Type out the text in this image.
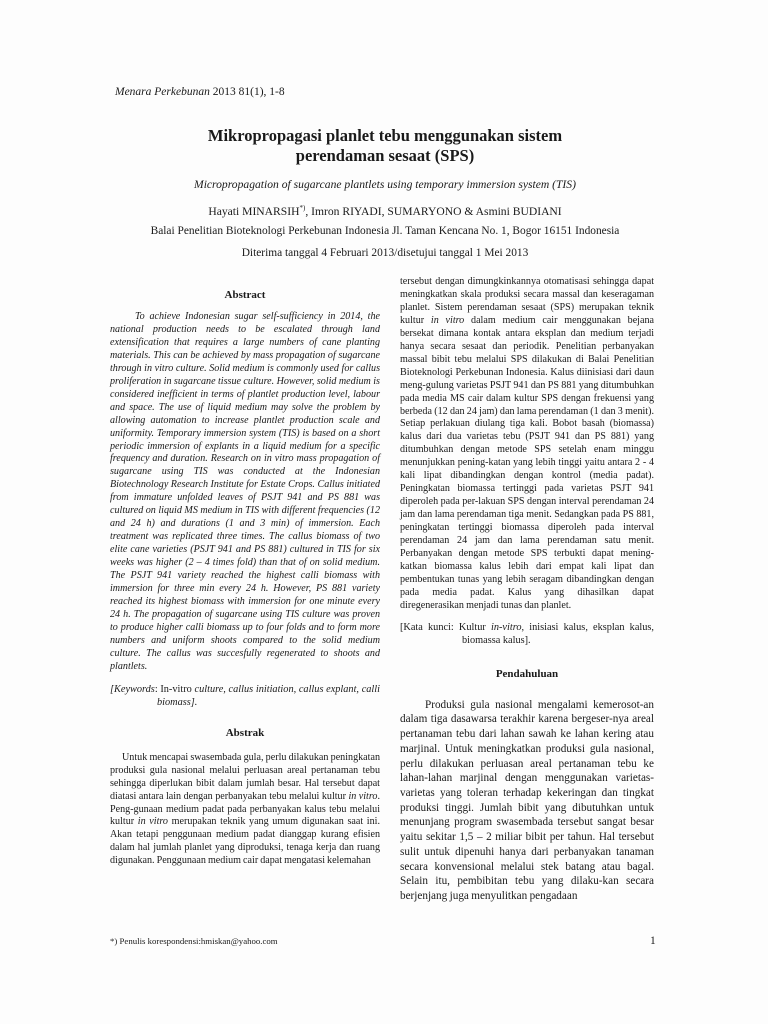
Menara Perkebunan 2013 81(1), 1-8
Mikropropagasi planlet tebu menggunakan sistem
perendaman sesaat (SPS)
Micropropagation of sugarcane plantlets using temporary immersion system (TIS)
Hayati MINARSIH*), Imron RIYADI, SUMARYONO & Asmini BUDIANI
Balai Penelitian Bioteknologi Perkebunan Indonesia Jl. Taman Kencana No. 1, Bogor 16151 Indonesia
Diterima tanggal 4 Februari 2013/disetujui tanggal 1 Mei 2013
Abstract

To achieve Indonesian sugar self-sufficiency in 2014, the national production needs to be escalated through land extensification that requires a large numbers of cane planting materials. This can be achieved by mass propagation of sugarcane through in vitro culture. Solid medium is commonly used for callus proliferation in sugarcane tissue culture. However, solid medium is considered inefficient in terms of plantlet production level, labour and space. The use of liquid medium may solve the problem by allowing automation to increase plantlet production scale and uniformity. Temporary immersion system (TIS) is based on a short periodic immersion of explants in a liquid medium for a specific frequency and duration. Research on in vitro mass propagation of sugarcane using TIS was conducted at the Indonesian Biotechnology Research Institute for Estate Crops. Callus initiated from immature unfolded leaves of PSJT 941 and PS 881 was cultured on liquid MS medium in TIS with different frequencies (12 and 24 h) and durations (1 and 3 min) of immersion. Each treatment was replicated three times. The callus biomass of two elite cane varieties (PSJT 941 and PS 881) cultured in TIS for six weeks was higher (2 – 4 times fold) than that of on solid medium. The PSJT 941 variety reached the highest calli biomass with immersion for three min every 24 h. However, PS 881 variety reached its highest biomass with immersion for one minute every 24 h. The propagation of sugarcane using TIS culture was proven to produce higher calli biomass up to four folds and to form more numbers and uniform shoots compared to the solid medium culture. The callus was succesfully regenerated to shoots and plantlets.

[Keywords: In-vitro culture, callus initiation, callus explant, calli biomass].

Abstrak

Untuk mencapai swasembada gula, perlu dilakukan peningkatan produksi gula nasional melalui perluasan areal pertanaman tebu sehingga diperlukan bibit dalam jumlah besar. Hal tersebut dapat diatasi antara lain dengan perbanyakan tebu melalui kultur in vitro. Peng-gunaan medium padat pada perbanyakan kalus tebu melalui kultur in vitro merupakan teknik yang umum digunakan saat ini. Akan tetapi penggunaan medium padat dianggap kurang efisien dalam hal jumlah planlet yang diproduksi, tenaga kerja dan ruang digunakan. Penggunaan medium cair dapat mengatasi kelemahan

tersebut dengan dimungkinkannya otomatisasi sehingga dapat meningkatkan skala produksi secara massal dan keseragaman planlet. Sistem perendaman sesaat (SPS) merupakan teknik kultur in vitro dalam medium cair menggunakan bejana bersekat dimana kontak antara eksplan dan medium terjadi hanya secara sesaat dan periodik. Penelitian perbanyakan massal bibit tebu melalui SPS dilakukan di Balai Penelitian Bioteknologi Perkebunan Indonesia. Kalus diinisiasi dari daun meng-gulung varietas PSJT 941 dan PS 881 yang ditumbuhkan pada media MS cair dalam kultur SPS dengan frekuensi yang berbeda (12 dan 24 jam) dan lama perendaman (1 dan 3 menit). Setiap perlakuan diulang tiga kali. Bobot basah (biomassa) kalus dari dua varietas tebu (PSJT 941 dan PS 881) yang ditumbuhkan dengan metode SPS setelah enam minggu menunjukkan pening-katan yang lebih tinggi yaitu antara 2 - 4 kali lipat dibandingkan dengan kontrol (media padat). Peningkatan biomassa tertinggi pada varietas PSJT 941 diperoleh pada per-lakuan SPS dengan interval perendaman 24 jam dan lama perendaman tiga menit. Sedangkan pada PS 881, peningkatan tertinggi biomassa diperoleh pada interval perendaman 24 jam dan lama perendaman satu menit. Perbanyakan dengan metode SPS terbukti dapat mening-katkan biomassa kalus lebih dari empat kali lipat dan pembentukan tunas yang lebih seragam dibandingkan dengan pada media padat. Kalus yang dihasilkan dapat diregenerasikan menjadi tunas dan planlet.

[Kata kunci: Kultur in-vitro, inisiasi kalus, eksplan kalus, biomassa kalus].

Pendahuluan

Produksi gula nasional mengalami kemerosot-an dalam tiga dasawarsa terakhir karena bergeser-nya areal pertanaman tebu dari lahan sawah ke lahan kering atau marjinal. Untuk meningkatkan produksi gula nasional, perlu dilakukan perluasan areal pertanaman tebu ke lahan-lahan marjinal dengan menggunakan varietas-varietas yang toleran terhadap kekeringan dan tingkat produksi tinggi. Jumlah bibit yang dibutuhkan untuk menunjang program swasembada tersebut sangat besar yaitu sekitar 1,5 – 2 miliar bibit per tahun. Hal tersebut sulit untuk dipenuhi hanya dari perbanyakan tanaman secara konvensional melalui stek batang atau bagal. Selain itu, pembibitan tebu yang dilaku-kan secara berjenjang juga menyulitkan pengadaan

*) Penulis korespondensi:hmiskan@yahoo.com	1
